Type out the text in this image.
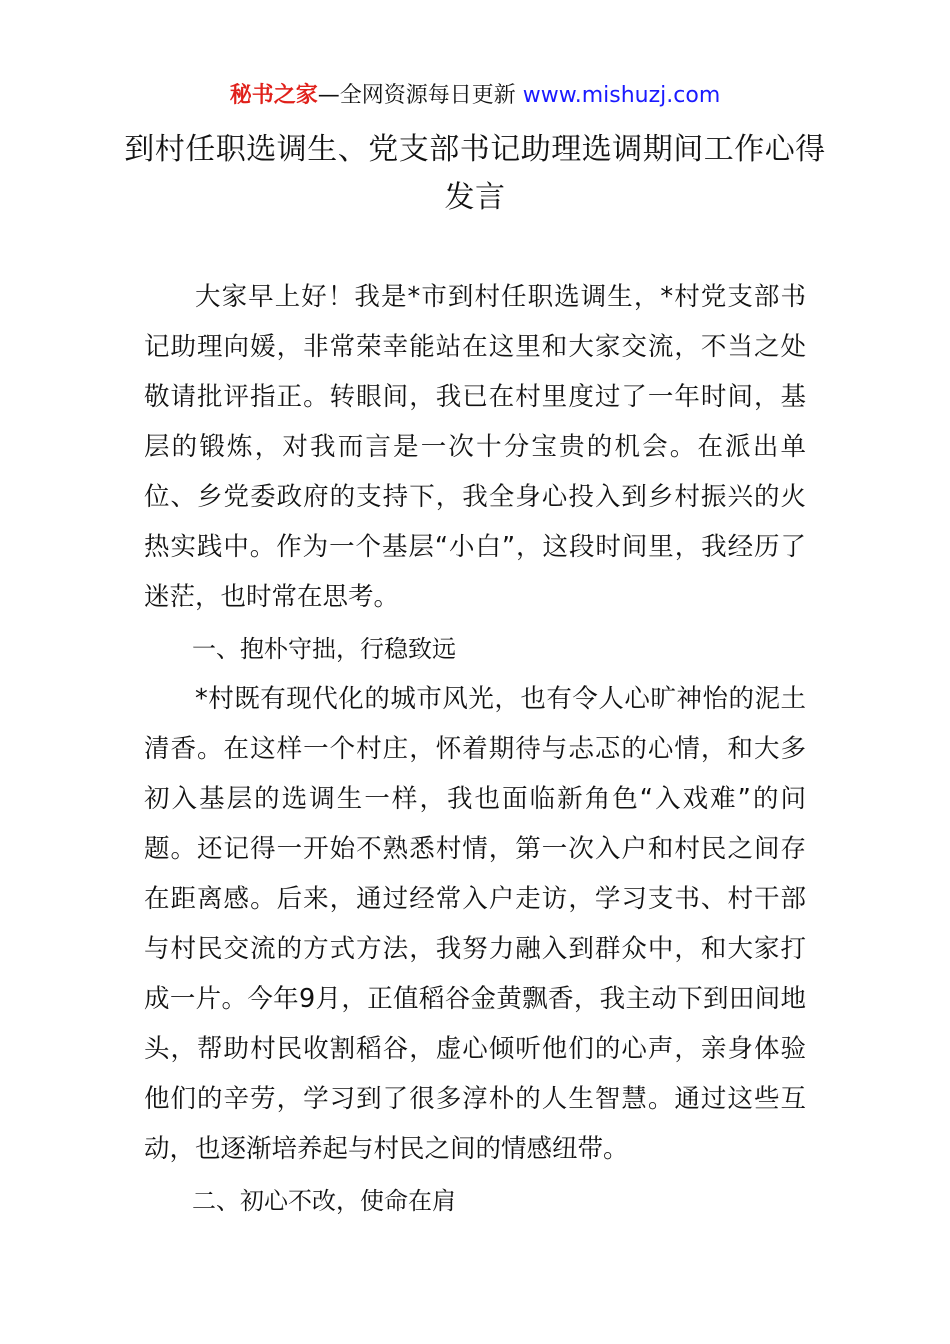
秘书之家—全网资源每日更新 www.mishuzj.com
到村任职选调生、党支部书记助理选调期间工作心得发言

大家早上好！我是*市到村任职选调生，*村党支部书记助理向媛，非常荣幸能站在这里和大家交流，不当之处敬请批评指正。转眼间，我已在村里度过了一年时间，基层的锻炼，对我而言是一次十分宝贵的机会。在派出单位、乡党委政府的支持下，我全身心投入到乡村振兴的火热实践中。作为一个基层“小白”，这段时间里，我经历了迷茫，也时常在思考。

一、抱朴守拙，行稳致远

*村既有现代化的城市风光，也有令人心旷神怡的泥土清香。在这样一个村庄，怀着期待与忐忑的心情，和大多初入基层的选调生一样，我也面临新角色“入戏难”的问题。还记得一开始不熟悉村情，第一次入户和村民之间存在距离感。后来，通过经常入户走访，学习支书、村干部与村民交流的方式方法，我努力融入到群众中，和大家打成一片。今年9月，正值稻谷金黄飘香，我主动下到田间地头，帮助村民收割稻谷，虚心倾听他们的心声，亲身体验他们的辛劳，学习到了很多淳朴的人生智慧。通过这些互动，也逐渐培养起与村民之间的情感纽带。

二、初心不改，使命在肩
